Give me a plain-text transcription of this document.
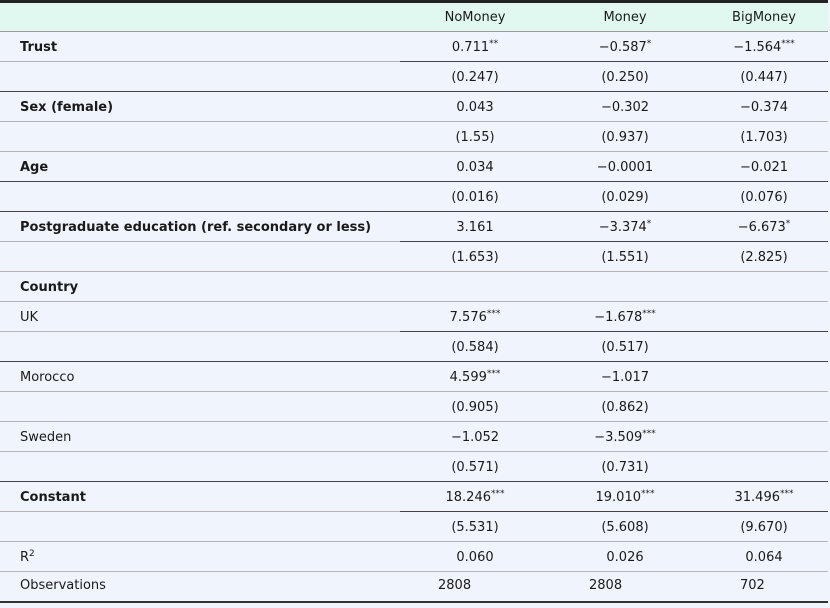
	NoMoney	Money	BigMoney
Trust	0.711**	−0.587*	−1.564***
	(0.247)	(0.250)	(0.447)
Sex (female)	0.043	−0.302	−0.374
	(1.55)	(0.937)	(1.703)
Age	0.034	−0.0001	−0.021
	(0.016)	(0.029)	(0.076)
Postgraduate education (ref. secondary or less)	3.161	−3.374*	−6.673*
	(1.653)	(1.551)	(2.825)
Country			
UK	7.576***	−1.678***	
	(0.584)	(0.517)	
Morocco	4.599***	−1.017	
	(0.905)	(0.862)	
Sweden	−1.052	−3.509***	
	(0.571)	(0.731)	
Constant	18.246***	19.010***	31.496***
	(5.531)	(5.608)	(9.670)
$R^2$	0.060	0.026	0.064
Observations	2808	2808	702
